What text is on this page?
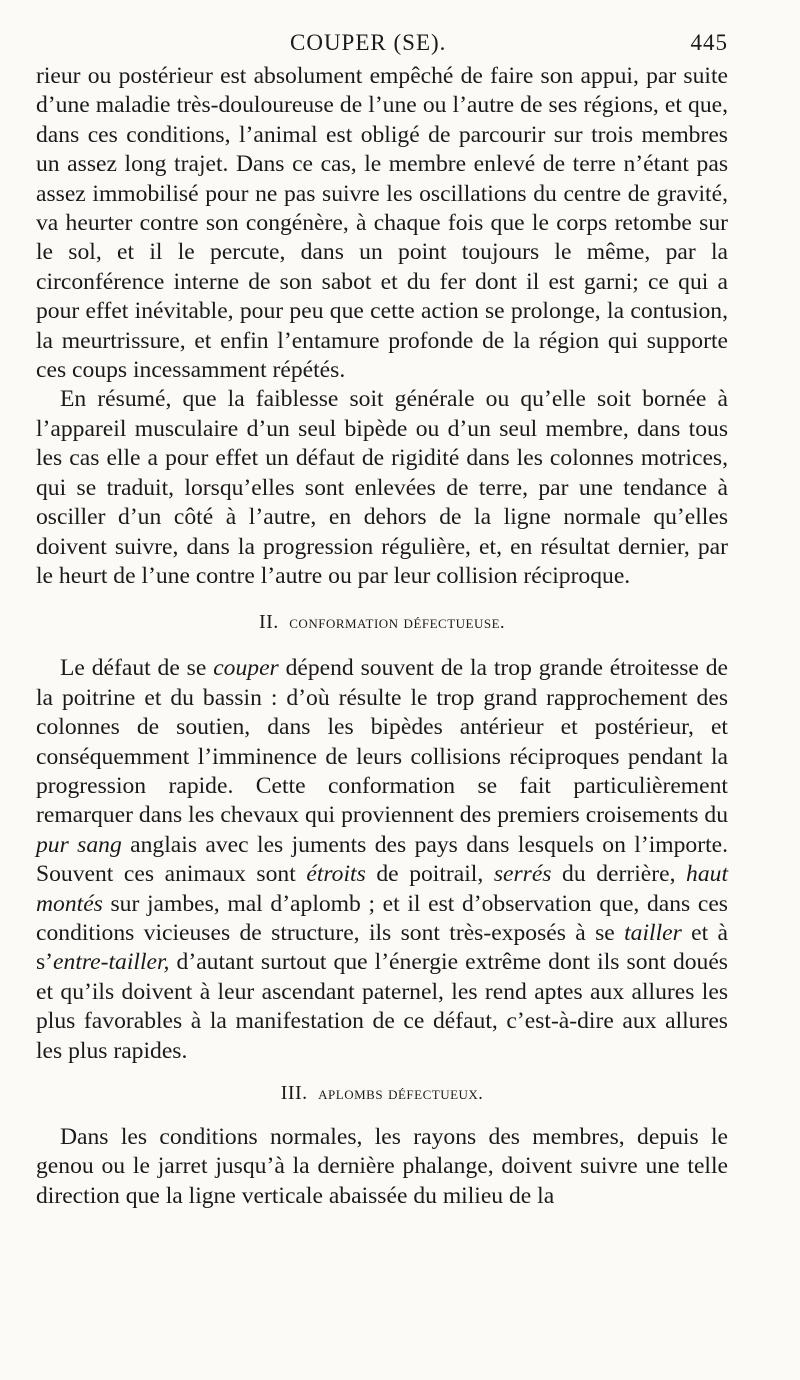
COUPER (SE).	445

rieur ou postérieur est absolument empêché de faire son appui, par suite d’une maladie très-douloureuse de l’une ou l’autre de ses régions, et que, dans ces conditions, l’animal est obligé de parcourir sur trois membres un assez long trajet. Dans ce cas, le membre enlevé de terre n’étant pas assez immobilisé pour ne pas suivre les oscillations du centre de gravité, va heurter contre son congénère, à chaque fois que le corps retombe sur le sol, et il le percute, dans un point toujours le même, par la circonférence interne de son sabot et du fer dont il est garni; ce qui a pour effet inévitable, pour peu que cette action se prolonge, la contusion, la meurtrissure, et enfin l’entamure profonde de la région qui supporte ces coups incessamment répétés.

En résumé, que la faiblesse soit générale ou qu’elle soit bornée à l’appareil musculaire d’un seul bipède ou d’un seul membre, dans tous les cas elle a pour effet un défaut de rigidité dans les colonnes motrices, qui se traduit, lorsqu’elles sont enlevées de terre, par une tendance à osciller d’un côté à l’autre, en dehors de la ligne normale qu’elles doivent suivre, dans la progression régulière, et, en résultat dernier, par le heurt de l’une contre l’autre ou par leur collision réciproque.

II. conformation défectueuse.

Le défaut de se couper dépend souvent de la trop grande étroitesse de la poitrine et du bassin : d’où résulte le trop grand rapprochement des colonnes de soutien, dans les bipèdes antérieur et postérieur, et conséquemment l’imminence de leurs collisions réciproques pendant la progression rapide. Cette conformation se fait particulièrement remarquer dans les chevaux qui proviennent des premiers croisements du pur sang anglais avec les juments des pays dans lesquels on l’importe. Souvent ces animaux sont étroits de poitrail, serrés du derrière, haut montés sur jambes, mal d’aplomb ; et il est d’observation que, dans ces conditions vicieuses de structure, ils sont très-exposés à se tailler et à s’entre-tailler, d’autant surtout que l’énergie extrême dont ils sont doués et qu’ils doivent à leur ascendant paternel, les rend aptes aux allures les plus favorables à la manifestation de ce défaut, c’est-à-dire aux allures les plus rapides.

III. aplombs défectueux.

Dans les conditions normales, les rayons des membres, depuis le genou ou le jarret jusqu’à la dernière phalange, doivent suivre une telle direction que la ligne verticale abaissée du milieu de la
